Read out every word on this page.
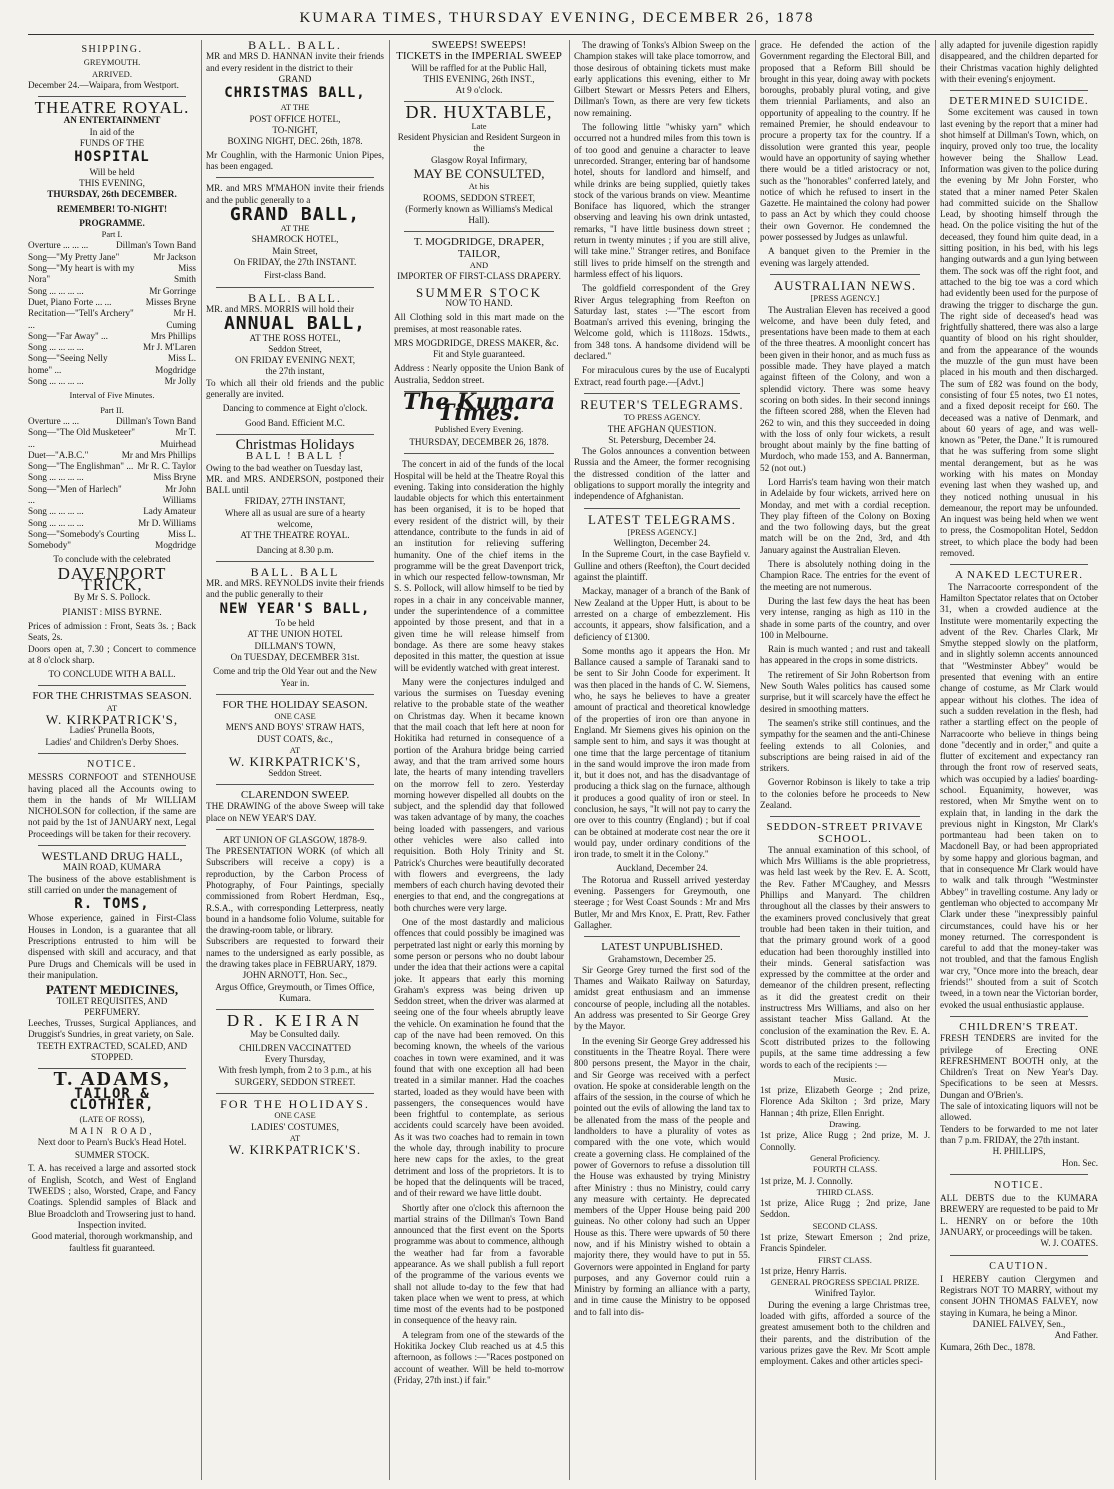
KUMARA TIMES, THURSDAY EVENING, DECEMBER 26, 1878
SHIPPING.
GREYMOUTH.
ARRIVED.
December 24.—Waipara, from Westport.
THEATRE ROYAL.
AN ENTERTAINMENT
In aid of the
FUNDS OF THE
HOSPITAL
Will be held
THIS EVENING,
THURSDAY, 26th DECEMBER.
REMEMBER! TO-NIGHT!
PROGRAMME.
Part I.
Overture ... ... ...	Dillman's Town Band
Song—"My Pretty Jane"	Mr Jackson
Song—"My heart is with my Nora"
Miss Smith
Song ... ... ... ...	Mr Gorringe
Duet, Piano Forte ... ...	Misses Bryne
Recitation—"Tell's Archery" ...
Mr H. Cuming
Song—"Far Away" ...	Mrs Phillips
Song ... ... ... ...	Mr J. M'Laren
Song—"Seeing Nelly home" ...
Miss L. Mogdridge
Song ... ... ... ...	Mr Jolly
Interval of Five Minutes.
Part II.
Overture ... ...	Dillman's Town Band
Song—"The Old Musketeer" ...
Mr T. Muirhead
Duet—"A.B.C."	Mr and Mrs Phillips
Song—"The Englishman" ... Mr R. C. Taylor
Song ... ... ... ...	Miss Bryne
Song—"Men of Harlech" ...
Mr John Williams
Song ... ... ... ...	Lady Amateur
Song ... ... ... ...	Mr D. Williams
Song—"Somebody's Courting Somebody"
Miss L. Mogdridge
To conclude with the celebrated
DAVENPORT TRICK,
By Mr S. S. Pollock.
PIANIST : MISS BYRNE.
Prices of admission : Front, Seats 3s. ; Back Seats, 2s.
Doors open at, 7.30 ; Concert to commence at 8 o'clock sharp.
TO CONCLUDE WITH A BALL.
FOR THE CHRISTMAS SEASON.
AT
W. KIRKPATRICK'S,
Ladies' Prunella Boots,
Ladies' and Children's Derby Shoes.
NOTICE.
MESSRS CORNFOOT and STENHOUSE having placed all the Accounts owing to them in the hands of Mr WILLIAM NICHOLSON for collection, if the same are not paid by the 1st of JANUARY next, Legal Proceedings will be taken for their recovery.
WESTLAND DRUG HALL,
MAIN ROAD, KUMARA
The business of the above establishment is still carried on under the management of
R. TOMS,
Whose experience, gained in First-Class Houses in London, is a guarantee that all Prescriptions entrusted to him will be dispensed with skill and accuracy, and that Pure Drugs and Chemicals will be used in their manipulation.
PATENT MEDICINES,
TOILET REQUISITES, AND PERFUMERY.
Leeches, Trusses, Surgical Appliances, and Druggist's Sundries, in great variety, on Sale.
TEETH EXTRACTED, SCALED, AND STOPPED.
T. ADAMS,
TAILOR & CLOTHIER,
(LATE OF ROSS),
MAIN ROAD,
Next door to Pearn's Buck's Head Hotel.
SUMMER STOCK.
T. A. has received a large and assorted stock of English, Scotch, and West of England TWEEDS ; also, Worsted, Crape, and Fancy Coatings. Splendid samples of Black and Blue Broadcloth and Trowsering just to hand.
Inspection invited.
Good material, thorough workmanship, and faultless fit guaranteed.
BALL. BALL.
MR and MRS D. HANNAN invite their friends and every resident in the district to their
GRAND
CHRISTMAS BALL,
AT THE
POST OFFICE HOTEL,
TO-NIGHT,
BOXING NIGHT, DEC. 26th, 1878.
Mr Coughlin, with the Harmonic Union Pipes, has been engaged.
MR. and MRS M'MAHON invite their friends and the public generally to a
GRAND BALL,
AT THE
SHAMROCK HOTEL,
Main Street,
On FRIDAY, the 27th INSTANT.
First-class Band.
BALL. BALL.
MR. and MRS. MORRIS will hold their
ANNUAL BALL,
AT THE ROSS HOTEL,
Seddon Street,
ON FRIDAY EVENING NEXT,
the 27th instant,
To which all their old friends and the public generally are invited.
Dancing to commence at Eight o'clock.
Good Band. Efficient M.C.
Christmas Holidays
BALL ! BALL !
Owing to the bad weather on Tuesday last,
MR. and MRS. ANDERSON, postponed their BALL until
FRIDAY, 27TH INSTANT,
Where all as usual are sure of a hearty welcome,
AT THE THEATRE ROYAL.
Dancing at 8.30 p.m.
BALL. BALL
MR. and MRS. REYNOLDS invite their friends and the public generally to their
NEW YEAR'S BALL,
To be held
AT THE UNION HOTEL
DILLMAN'S TOWN,
On TUESDAY, DECEMBER 31st.
Come and trip the Old Year out and the New Year in.
FOR THE HOLIDAY SEASON.
ONE CASE
MEN'S AND BOYS' STRAW HATS,
DUST COATS, &c.,
AT
W. KIRKPATRICK'S,
Seddon Street.
CLARENDON SWEEP.
THE DRAWING of the above Sweep will take place on NEW YEAR'S DAY.
ART UNION OF GLASGOW, 1878-9.
The PRESENTATION WORK (of which all Subscribers will receive a copy) is a reproduction, by the Carbon Process of Photography, of Four Paintings, specially commissioned from Robert Herdman, Esq., R.S.A., with corresponding Letterpress, neatly bound in a handsome folio Volume, suitable for the drawing-room table, or library.
Subscribers are requested to forward their names to the undersigned as early possible, as the drawing takes place in FEBRUARY, 1879.
JOHN ARNOTT, Hon. Sec.,
Argus Office, Greymouth, or Times Office, Kumara.
DR. KEIRAN
May be Consulted daily.
CHILDREN VACCINATTED
Every Thursday,
With fresh lymph, from 2 to 3 p.m., at his
SURGERY, SEDDON STREET.
FOR THE HOLIDAYS.
ONE CASE
LADIES' COSTUMES,
AT
W. KIRKPATRICK'S.
SWEEPS! SWEEPS!
TICKETS in the IMPERIAL SWEEP
Will be raffled for at the Public Hall,
THIS EVENING, 26th INST.,
At 9 o'clock.
DR. HUXTABLE,
Late
Resident Physician and Resident Surgeon in the
Glasgow Royal Infirmary,
MAY BE CONSULTED,
At his
ROOMS, SEDDON STREET,
(Formerly known as Williams's Medical Hall).
T. MOGDRIDGE, DRAPER, TAILOR,
AND
IMPORTER OF FIRST-CLASS DRAPERY.
SUMMER STOCK
NOW TO HAND.
All Clothing sold in this mart made on the premises, at most reasonable rates.
MRS MOGDRIDGE, DRESS MAKER, &c.
Fit and Style guaranteed.
Address : Nearly opposite the Union Bank of Australia, Seddon street.
The Kumara Times.
Published Every Evening.
THURSDAY, DECEMBER 26, 1878.

The concert in aid of the funds of the local Hospital will be held at the Theatre Royal this evening. Taking into consideration the highly laudable objects for which this entertainment has been organised, it is to be hoped that every resident of the district will, by their attendance, contribute to the funds in aid of an institution for relieving suffering humanity. One of the chief items in the programme will be the great Davenport trick, in which our respected fellow-townsman, Mr S. S. Pollock, will allow himself to be tied by ropes in a chair in any conceivable manner, under the superintendence of a committee appointed by those present, and that in a given time he will release himself from bondage. As there are some heavy stakes deposited in this matter, the question at issue will be evidently watched with great interest.

Many were the conjectures indulged and various the surmises on Tuesday evening relative to the probable state of the weather on Christmas day. When it became known that the mail coach that left here at noon for Hokitika had returned in consequence of a portion of the Arahura bridge being carried away, and that the tram arrived some hours late, the hearts of many intending travellers on the morrow fell to zero. Yesterday morning however dispelled all doubts on the subject, and the splendid day that followed was taken advantage of by many, the coaches being loaded with passengers, and various other vehicles were also called into requisition. Both Holy Trinity and St. Patrick's Churches were beautifully decorated with flowers and evergreens, the lady members of each church having devoted their energies to that end, and the congregations at both churches were very large.

One of the most dastardly and malicious offences that could possibly be imagined was perpetrated last night or early this morning by some person or persons who no doubt labour under the idea that their actions were a capital joke. It appears that early this morning Graham's express was being driven up Seddon street, when the driver was alarmed at seeing one of the four wheels abruptly leave the vehicle. On examination he found that the cap of the nave had been removed. On this becoming known, the wheels of the various coaches in town were examined, and it was found that with one exception all had been treated in a similar manner. Had the coaches started, loaded as they would have been with passengers, the consequences would have been frightful to contemplate, as serious accidents could scarcely have been avoided. As it was two coaches had to remain in town the whole day, through inability to procure here new caps for the axles, to the great detriment and loss of the proprietors. It is to be hoped that the delinquents will be traced, and of their reward we have little doubt.

Shortly after one o'clock this afternoon the martial strains of the Dillman's Town Band announced that the first event on the Sports programme was about to commence, although the weather had far from a favorable appearance. As we shall publish a full report of the programme of the various events we shall not allude to-day to the few that had taken place when we went to press, at which time most of the events had to be postponed in consequence of the heavy rain.

A telegram from one of the stewards of the Hokitika Jockey Club reached us at 4.5 this afternoon, as follows :—"Races postponed on account of weather. Will be held to-morrow (Friday, 27th inst.) if fair."

The drawing of Tonks's Albion Sweep on the Champion stakes will take place tomorrow, and those desirous of obtaining tickets must make early applications this evening, either to Mr Gilbert Stewart or Messrs Peters and Elhers, Dillman's Town, as there are very few tickets now remaining.

The following little "whisky yarn" which occurred not a hundred miles from this town is of too good and genuine a character to leave unrecorded. Stranger, entering bar of handsome hotel, shouts for landlord and himself, and while drinks are being supplied, quietly takes stock of the various brands on view. Meantime Boniface has liquored, which the stranger observing and leaving his own drink untasted, remarks, "I have little business down street ; return in twenty minutes ; if you are still alive, will take mine." Stranger retires, and Boniface still lives to pride himself on the strength and harmless effect of his liquors.

The goldfield correspondent of the Grey River Argus telegraphing from Reefton on Saturday last, states :—"The escort from Boatman's arrived this evening, bringing the Welcome gold, which is 1118ozs. 15dwts., from 348 tons. A handsome dividend will be declared."

For miraculous cures by the use of Eucalypti Extract, read fourth page.—[Advt.]

REUTER'S TELEGRAMS.
TO PRESS AGENCY.
THE AFGHAN QUESTION.
St. Petersburg, December 24.

The Golos announces a convention between Russia and the Ameer, the former recognising the distressed condition of the latter and obligations to support morally the integrity and independence of Afghanistan.

LATEST TELEGRAMS.
[PRESS AGENCY.]
Wellington, December 24.

In the Supreme Court, in the case Bayfield v. Gulline and others (Reefton), the Court decided against the plaintiff.

Mackay, manager of a branch of the Bank of New Zealand at the Upper Hutt, is about to be arrested on a charge of embezzlement. His accounts, it appears, show falsification, and a deficiency of £1300.

Some months ago it appears the Hon. Mr Ballance caused a sample of Taranaki sand to be sent to Sir John Coode for experiment. It was then placed in the hands of C. W. Siemens, who, he says he believes to have a greater amount of practical and theoretical knowledge of the properties of iron ore than anyone in England. Mr Siemens gives his opinion on the sample sent to him, and says it was thought at one time that the large percentage of titanium in the sand would improve the iron made from it, but it does not, and has the disadvantage of producing a thick slag on the furnace, although it produces a good quality of iron or steel. In conclusion, he says, "It will not pay to carry the ore over to this country (England) ; but if coal can be obtained at moderate cost near the ore it would pay, under ordinary conditions of the iron trade, to smelt it in the Colony."

Auckland, December 24.

The Rotorua and Russell arrived yesterday evening. Passengers for Greymouth, one steerage ; for West Coast Sounds : Mr and Mrs Butler, Mr and Mrs Knox, E. Pratt, Rev. Father Gallagher.

LATEST UNPUBLISHED.
Grahamstown, December 25.

Sir George Grey turned the first sod of the Thames and Waikato Railway on Saturday, amidst great enthusiasm and an immense concourse of people, including all the notables. An address was presented to Sir George Grey by the Mayor.

In the evening Sir George Grey addressed his constituents in the Theatre Royal. There were 800 persons present, the Mayor in the chair, and Sir George was received with a perfect ovation. He spoke at considerable length on the affairs of the session, in the course of which he pointed out the evils of allowing the land tax to be allenated from the mass of the people and landholders to have a plurality of votes as compared with the one vote, which would create a governing class. He complained of the power of Governors to refuse a dissolution till the House was exhausted by trying Ministry after Ministry : thus no Ministry, could carry any measure with certainty. He deprecated members of the Upper House being paid 200 guineas. No other colony had such an Upper House as this. There were upwards of 50 there now, and if his Ministry wished to obtain a majority there, they would have to put in 55. Governors were appointed in England for party purposes, and any Governor could ruin a Ministry by forming an alliance with a party, and in time cause the Ministry to be opposed and to fall into dis-

grace. He defended the action of the Government regarding the Electoral Bill, and proposed that a Reform Bill should be brought in this year, doing away with pockets boroughs, probably plural voting, and give them triennial Parliaments, and also an opportunity of appealing to the country. If he remained Premier, he should endeavour to procure a property tax for the country. If a dissolution were granted this year, people would have an opportunity of saying whether there would be a titled aristocracy or not, such as the "honorables" conferred lately, and notice of which he refused to insert in the Gazette. He maintained the colony had power to pass an Act by which they could choose their own Governor. He condemned the power possessed by Judges as unlawful.

A banquet given to the Premier in the evening was largely attended.

AUSTRALIAN NEWS.
[PRESS AGENCY.]

The Australian Eleven has received a good welcome, and have been duly feted, and presentations have been made to them at each of the three theatres. A moonlight concert has been given in their honor, and as much fuss as possible made. They have played a match against fifteen of the Colony, and won a splendid victory. There was some heavy scoring on both sides. In their second innings the fifteen scored 288, when the Eleven had 262 to win, and this they succeeded in doing with the loss of only four wickets, a result brought about mainly by the fine batting of Murdoch, who made 153, and A. Bannerman, 52 (not out.)

Lord Harris's team having won their match in Adelaide by four wickets, arrived here on Monday, and met with a cordial reception. They play fifteen of the Colony on Boxing and the two following days, but the great match will be on the 2nd, 3rd, and 4th January against the Australian Eleven.

There is absolutely nothing doing in the Champion Race. The entries for the event of the meeting are not numerous.

During the last few days the heat has been very intense, ranging as high as 110 in the shade in some parts of the country, and over 100 in Melbourne.

Rain is much wanted ; and rust and takeall has appeared in the crops in some districts.

The retirement of Sir John Robertson from New South Wales politics has caused some surprise, but it will scarcely have the effect he desired in smoothing matters.

The seamen's strike still continues, and the sympathy for the seamen and the anti-Chinese feeling extends to all Colonies, and subscriptions are being raised in aid of the strikers.

Governor Robinson is likely to take a trip to the colonies before he proceeds to New Zealand.

SEDDON-STREET PRIVAVE SCHOOL.

The annual examination of this school, of which Mrs Williams is the able proprietress, was held last week by the Rev. E. A. Scott, the Rev. Father M'Caughey, and Messrs Phillips and Manyard. The children throughout all the classes by their answers to the examiners proved conclusively that great trouble had been taken in their tuition, and that the primary ground work of a good education had been thoroughly instilled into their minds. General satisfaction was expressed by the committee at the order and demeanor of the children present, reflecting as it did the greatest credit on their instructress Mrs Williams, and also on her assistant teacher Miss Galland. At the conclusion of the examination the Rev. E. A. Scott distributed prizes to the following pupils, at the same time addressing a few words to each of the recipients :—

Music.
1st prize, Elizabeth George ; 2nd prize, Florence Ada Skilton ; 3rd prize, Mary Hannan ; 4th prize, Ellen Enright.
Drawing.
1st prize, Alice Rugg ; 2nd prize, M. J. Connolly.
General Proficiency.
FOURTH CLASS.
1st prize, M. J. Connolly.
THIRD CLASS.
1st prize, Alice Rugg ; 2nd prize, Jane Seddon.
SECOND CLASS.
1st prize, Stewart Emerson ; 2nd prize, Francis Spindeler.
FIRST CLASS.
1st prize, Henry Harris.
GENERAL PROGRESS SPECIAL PRIZE.
Winifred Taylor.

During the evening a large Christmas tree, loaded with gifts, afforded a source of the greatest amusement both to the children and their parents, and the distribution of the various prizes gave the Rev. Mr Scott ample employment. Cakes and other articles speci-

ally adapted for juvenile digestion rapidly disappeared, and the children departed for their Christmas vacation highly delighted with their evening's enjoyment.
DETERMINED SUICIDE.

Some excitement was caused in town last evening by the report that a miner had shot himself at Dillman's Town, which, on inquiry, proved only too true, the locality however being the Shallow Lead. Information was given to the police during the evening by Mr John Forster, who stated that a miner named Peter Skalen had committed suicide on the Shallow Lead, by shooting himself through the head. On the police visiting the hut of the deceased, they found him quite dead, in a sitting position, in his bed, with his legs hanging outwards and a gun lying between them. The sock was off the right foot, and attached to the big toe was a cord which had evidently been used for the purpose of drawing the trigger to discharge the gun. The right side of deceased's head was frightfully shattered, there was also a large quantity of blood on his right shoulder, and from the appearance of the wounds the muzzle of the gun must have been placed in his mouth and then discharged. The sum of £82 was found on the body, consisting of four £5 notes, two £1 notes, and a fixed deposit receipt for £60. The deceased was a native of Denmark, and about 60 years of age, and was well-known as "Peter, the Dane." It is rumoured that he was suffering from some slight mental derangement, but as he was working with his mates on Monday evening last when they washed up, and they noticed nothing unusual in his demeanour, the report may be unfounded. An inquest was being held when we went to press, the Cosmopolitan Hotel, Seddon street, to which place the body had been removed.

A NAKED LECTURER.

The Narracoorte correspondent of the Hamilton Spectator relates that on October 31, when a crowded audience at the Institute were momentarily expecting the advent of the Rev. Charles Clark, Mr Smythe stepped slowly on the platform, and in slightly solemn accents announced that "Westminster Abbey" would be presented that evening with an entire change of costume, as Mr Clark would appear without his clothes. The idea of such a sudden revelation in the flesh, had rather a startling effect on the people of Narracoorte who believe in things being done "decently and in order," and quite a flutter of excitement and expectancy ran through the front row of reserved seats, which was occupied by a ladies' boarding-school. Equanimity, however, was restored, when Mr Smythe went on to explain that, in landing in the dark the previous night in Kingston, Mr Clark's portmanteau had been taken on to Macdonell Bay, or had been appropriated by some happy and glorious bagman, and that in consequence Mr Clark would have to walk and talk through "Westminster Abbey" in travelling costume. Any lady or gentleman who objected to accompany Mr Clark under these "inexpressibly painful circumstances, could have his or her money returned. The correspondent is careful to add that the money-taker was not troubled, and that the famous English war cry, "Once more into the breach, dear friends!" shouted from a suit of Scotch tweed, in a town near the Victorian border, evoked the usual enthusiastic applause.

CHILDREN'S TREAT.
FRESH TENDERS are invited for the privilege of Erecting ONE REFRESHMENT BOOTH only, at the Children's Treat on New Year's Day. Specifications to be seen at Messrs. Dungan and O'Brien's.
The sale of intoxicating liquors will not be allowed.
Tenders to be forwarded to me not later than 7 p.m. FRIDAY, the 27th instant.
H. PHILLIPS,
Hon. Sec.
NOTICE.
ALL DEBTS due to the KUMARA BREWERY are requested to be paid to Mr L. HENRY on or before the 10th JANUARY, or proceedings will be taken.
W. J. COATES.
CAUTION.
I HEREBY caution Clergymen and Registrars NOT TO MARRY, without my consent JOHN THOMAS FALVEY, now staying in Kumara, he being a Minor.
DANIEL FALVEY, Sen.,
And Father.
Kumara, 26th Dec., 1878.
